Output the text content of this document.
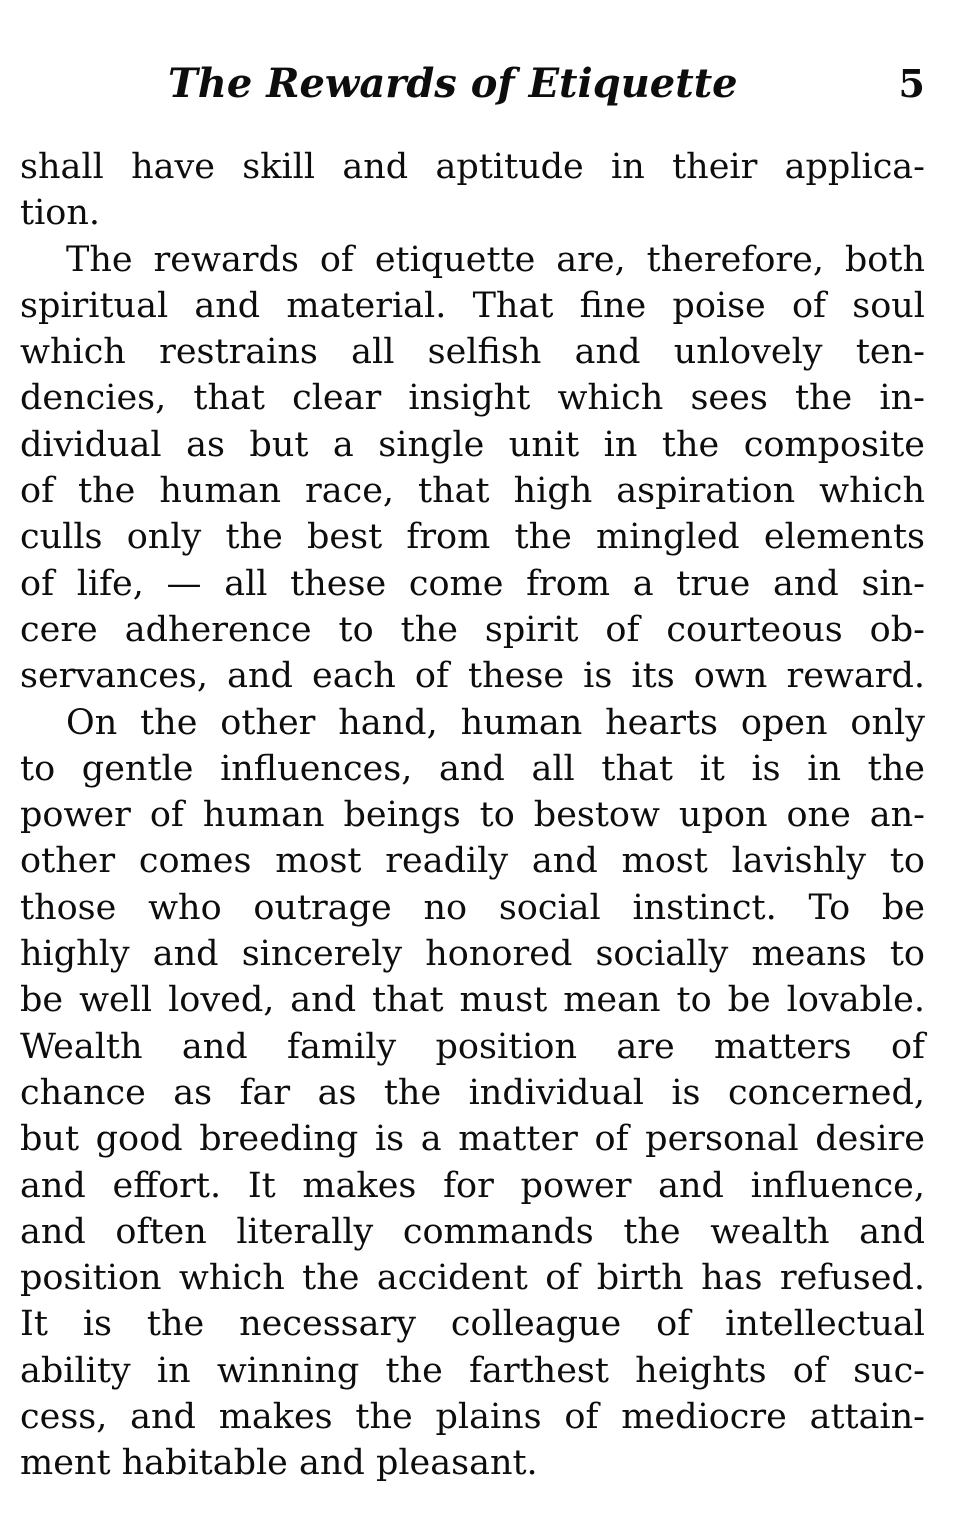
The Rewards of Etiquette	5
shall have skill and aptitude in their applica-
tion.
The rewards of etiquette are, therefore, both
spiritual and material. That fine poise of soul
which restrains all selfish and unlovely ten-
dencies, that clear insight which sees the in-
dividual as but a single unit in the composite
of the human race, that high aspiration which
culls only the best from the mingled elements
of life, — all these come from a true and sin-
cere adherence to the spirit of courteous ob-
servances, and each of these is its own reward.
On the other hand, human hearts open only
to gentle influences, and all that it is in the
power of human beings to bestow upon one an-
other comes most readily and most lavishly to
those who outrage no social instinct. To be
highly and sincerely honored socially means to
be well loved, and that must mean to be lovable.
Wealth and family position are matters of
chance as far as the individual is concerned,
but good breeding is a matter of personal desire
and effort. It makes for power and influence,
and often literally commands the wealth and
position which the accident of birth has refused.
It is the necessary colleague of intellectual
ability in winning the farthest heights of suc-
cess, and makes the plains of mediocre attain-
ment habitable and pleasant.
